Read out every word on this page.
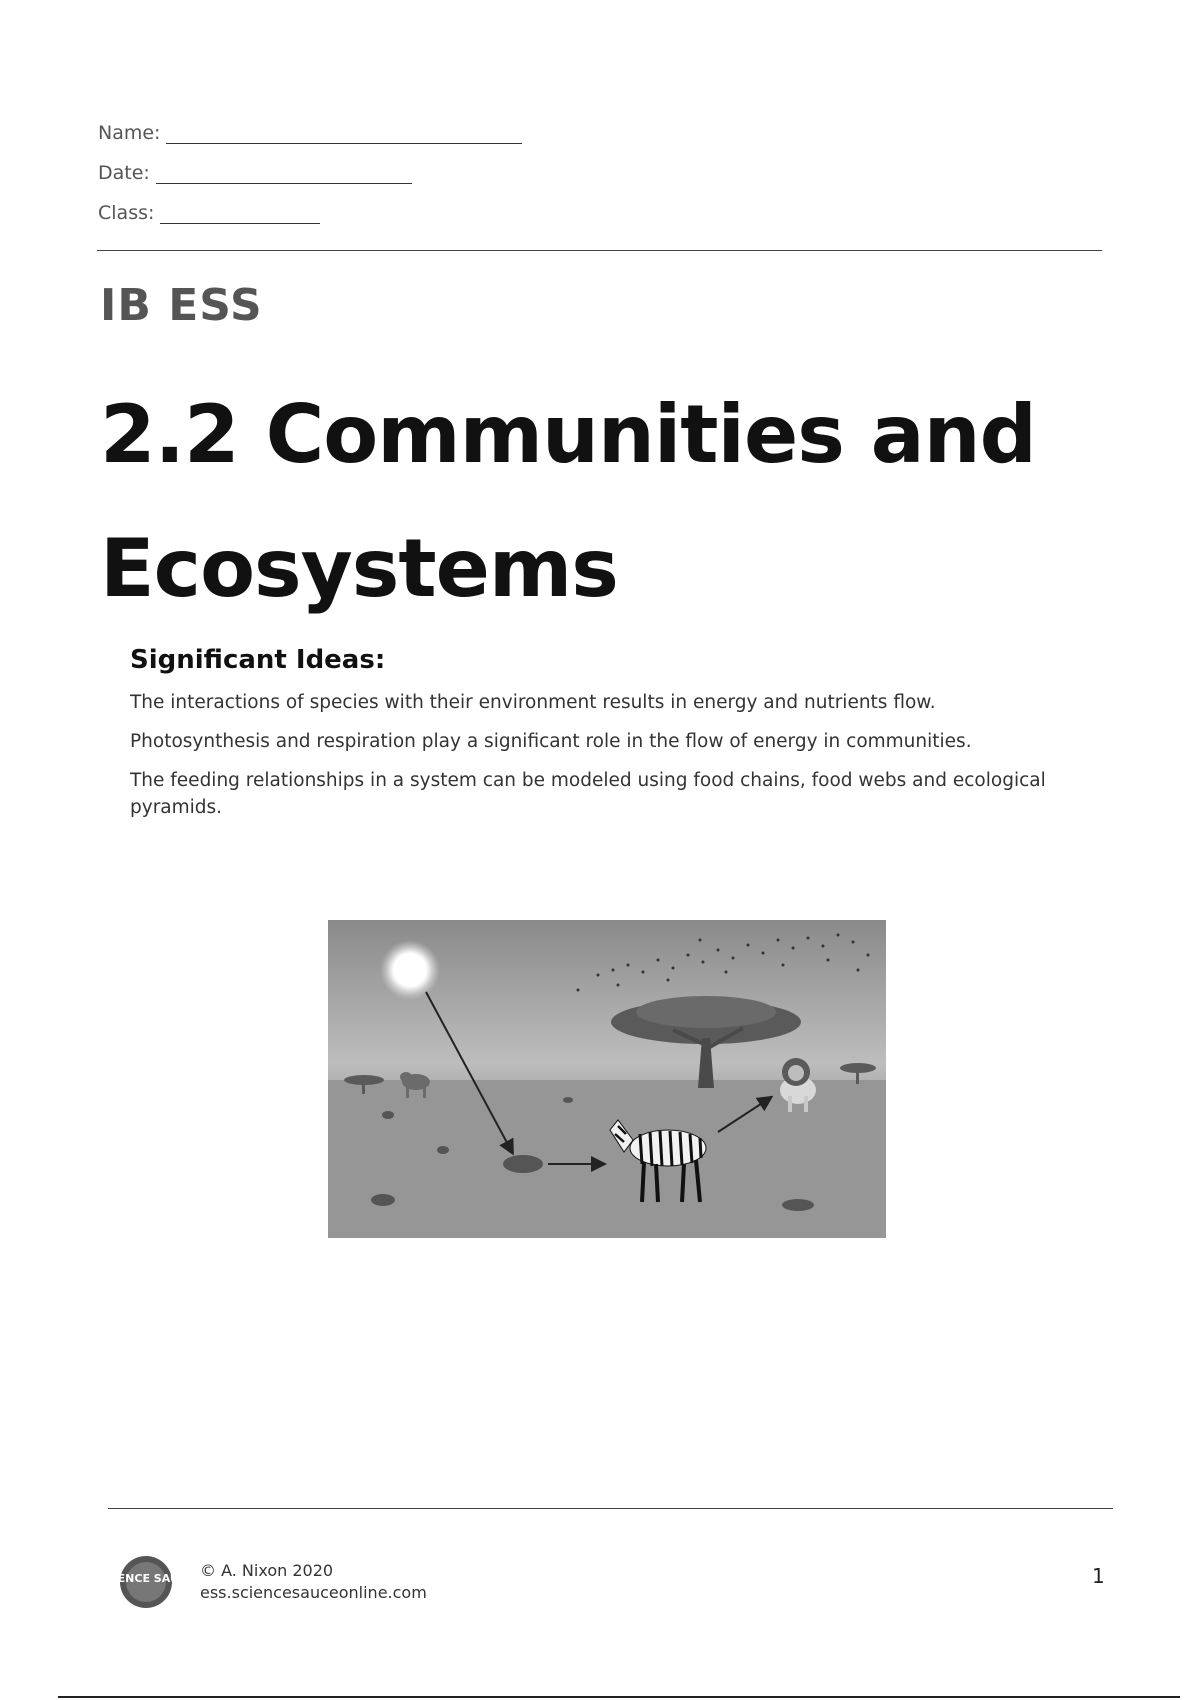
Name:
Date:
Class:
IB ESS
2.2 Communities and
Ecosystems
Significant Ideas:

The interactions of species with their environment results in energy and nutrients flow.

Photosynthesis and respiration play a significant role in the flow of energy in communities.

The feeding relationships in a system can be modeled using food chains, food webs and ecological pyramids.

SCIENCE SAUCE © A. Nixon 2020
ess.sciencesauceonline.com
1
